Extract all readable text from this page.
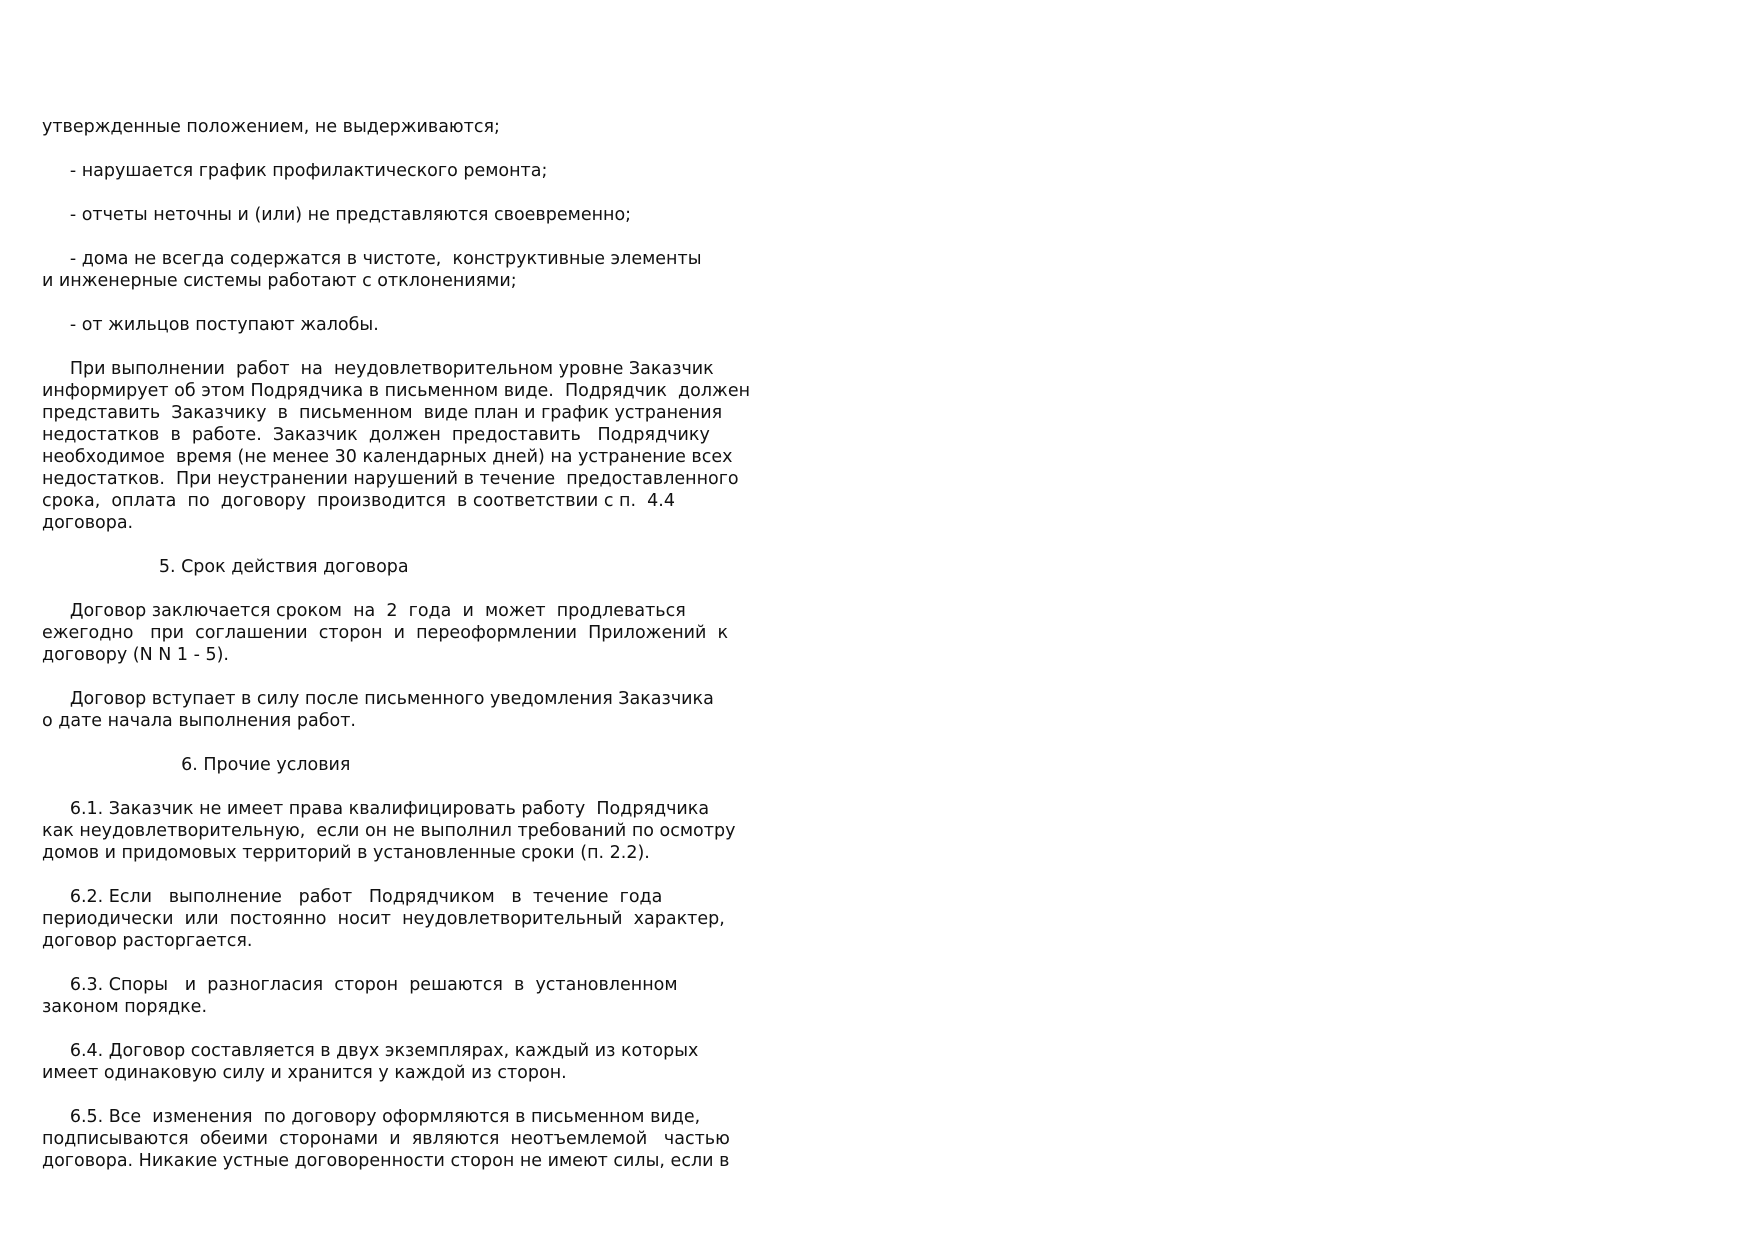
утвержденные положением, не выдерживаются;
- нарушается график профилактического ремонта;
- отчеты неточны и (или) не представляются своевременно;
- дома не всегда содержатся в чистоте,  конструктивные элементы
и инженерные системы работают с отклонениями;
- от жильцов поступают жалобы.
При выполнении  работ  на  неудовлетворительном уровне Заказчик
информирует об этом Подрядчика в письменном виде.  Подрядчик  должен
представить  Заказчику  в  письменном  виде план и график устранения
недостатков  в  работе.  Заказчик  должен  предоставить   Подрядчику
необходимое  время (не менее 30 календарных дней) на устранение всех
недостатков.  При неустранении нарушений в течение  предоставленного
срока,  оплата  по  договору  производится  в соответствии с п.  4.4
договора.
5. Срок действия договора
Договор заключается сроком  на  2  года  и  может  продлеваться
ежегодно   при  соглашении  сторон  и  переоформлении  Приложений  к
договору (N N 1 - 5).
Договор вступает в силу после письменного уведомления Заказчика
о дате начала выполнения работ.
6. Прочие условия
6.1. Заказчик не имеет права квалифицировать работу  Подрядчика
как неудовлетворительную,  если он не выполнил требований по осмотру
домов и придомовых территорий в установленные сроки (п. 2.2).
6.2. Если   выполнение   работ   Подрядчиком   в  течение  года
периодически  или  постоянно  носит  неудовлетворительный  характер,
договор расторгается.
6.3. Споры   и  разногласия  сторон  решаются  в  установленном
законом порядке.
6.4. Договор составляется в двух экземплярах, каждый из которых
имеет одинаковую силу и хранится у каждой из сторон.
6.5. Все  изменения  по договору оформляются в письменном виде,
подписываются  обеими  сторонами  и  являются  неотъемлемой   частью
договора. Никакие устные договоренности сторон не имеют силы, если в
